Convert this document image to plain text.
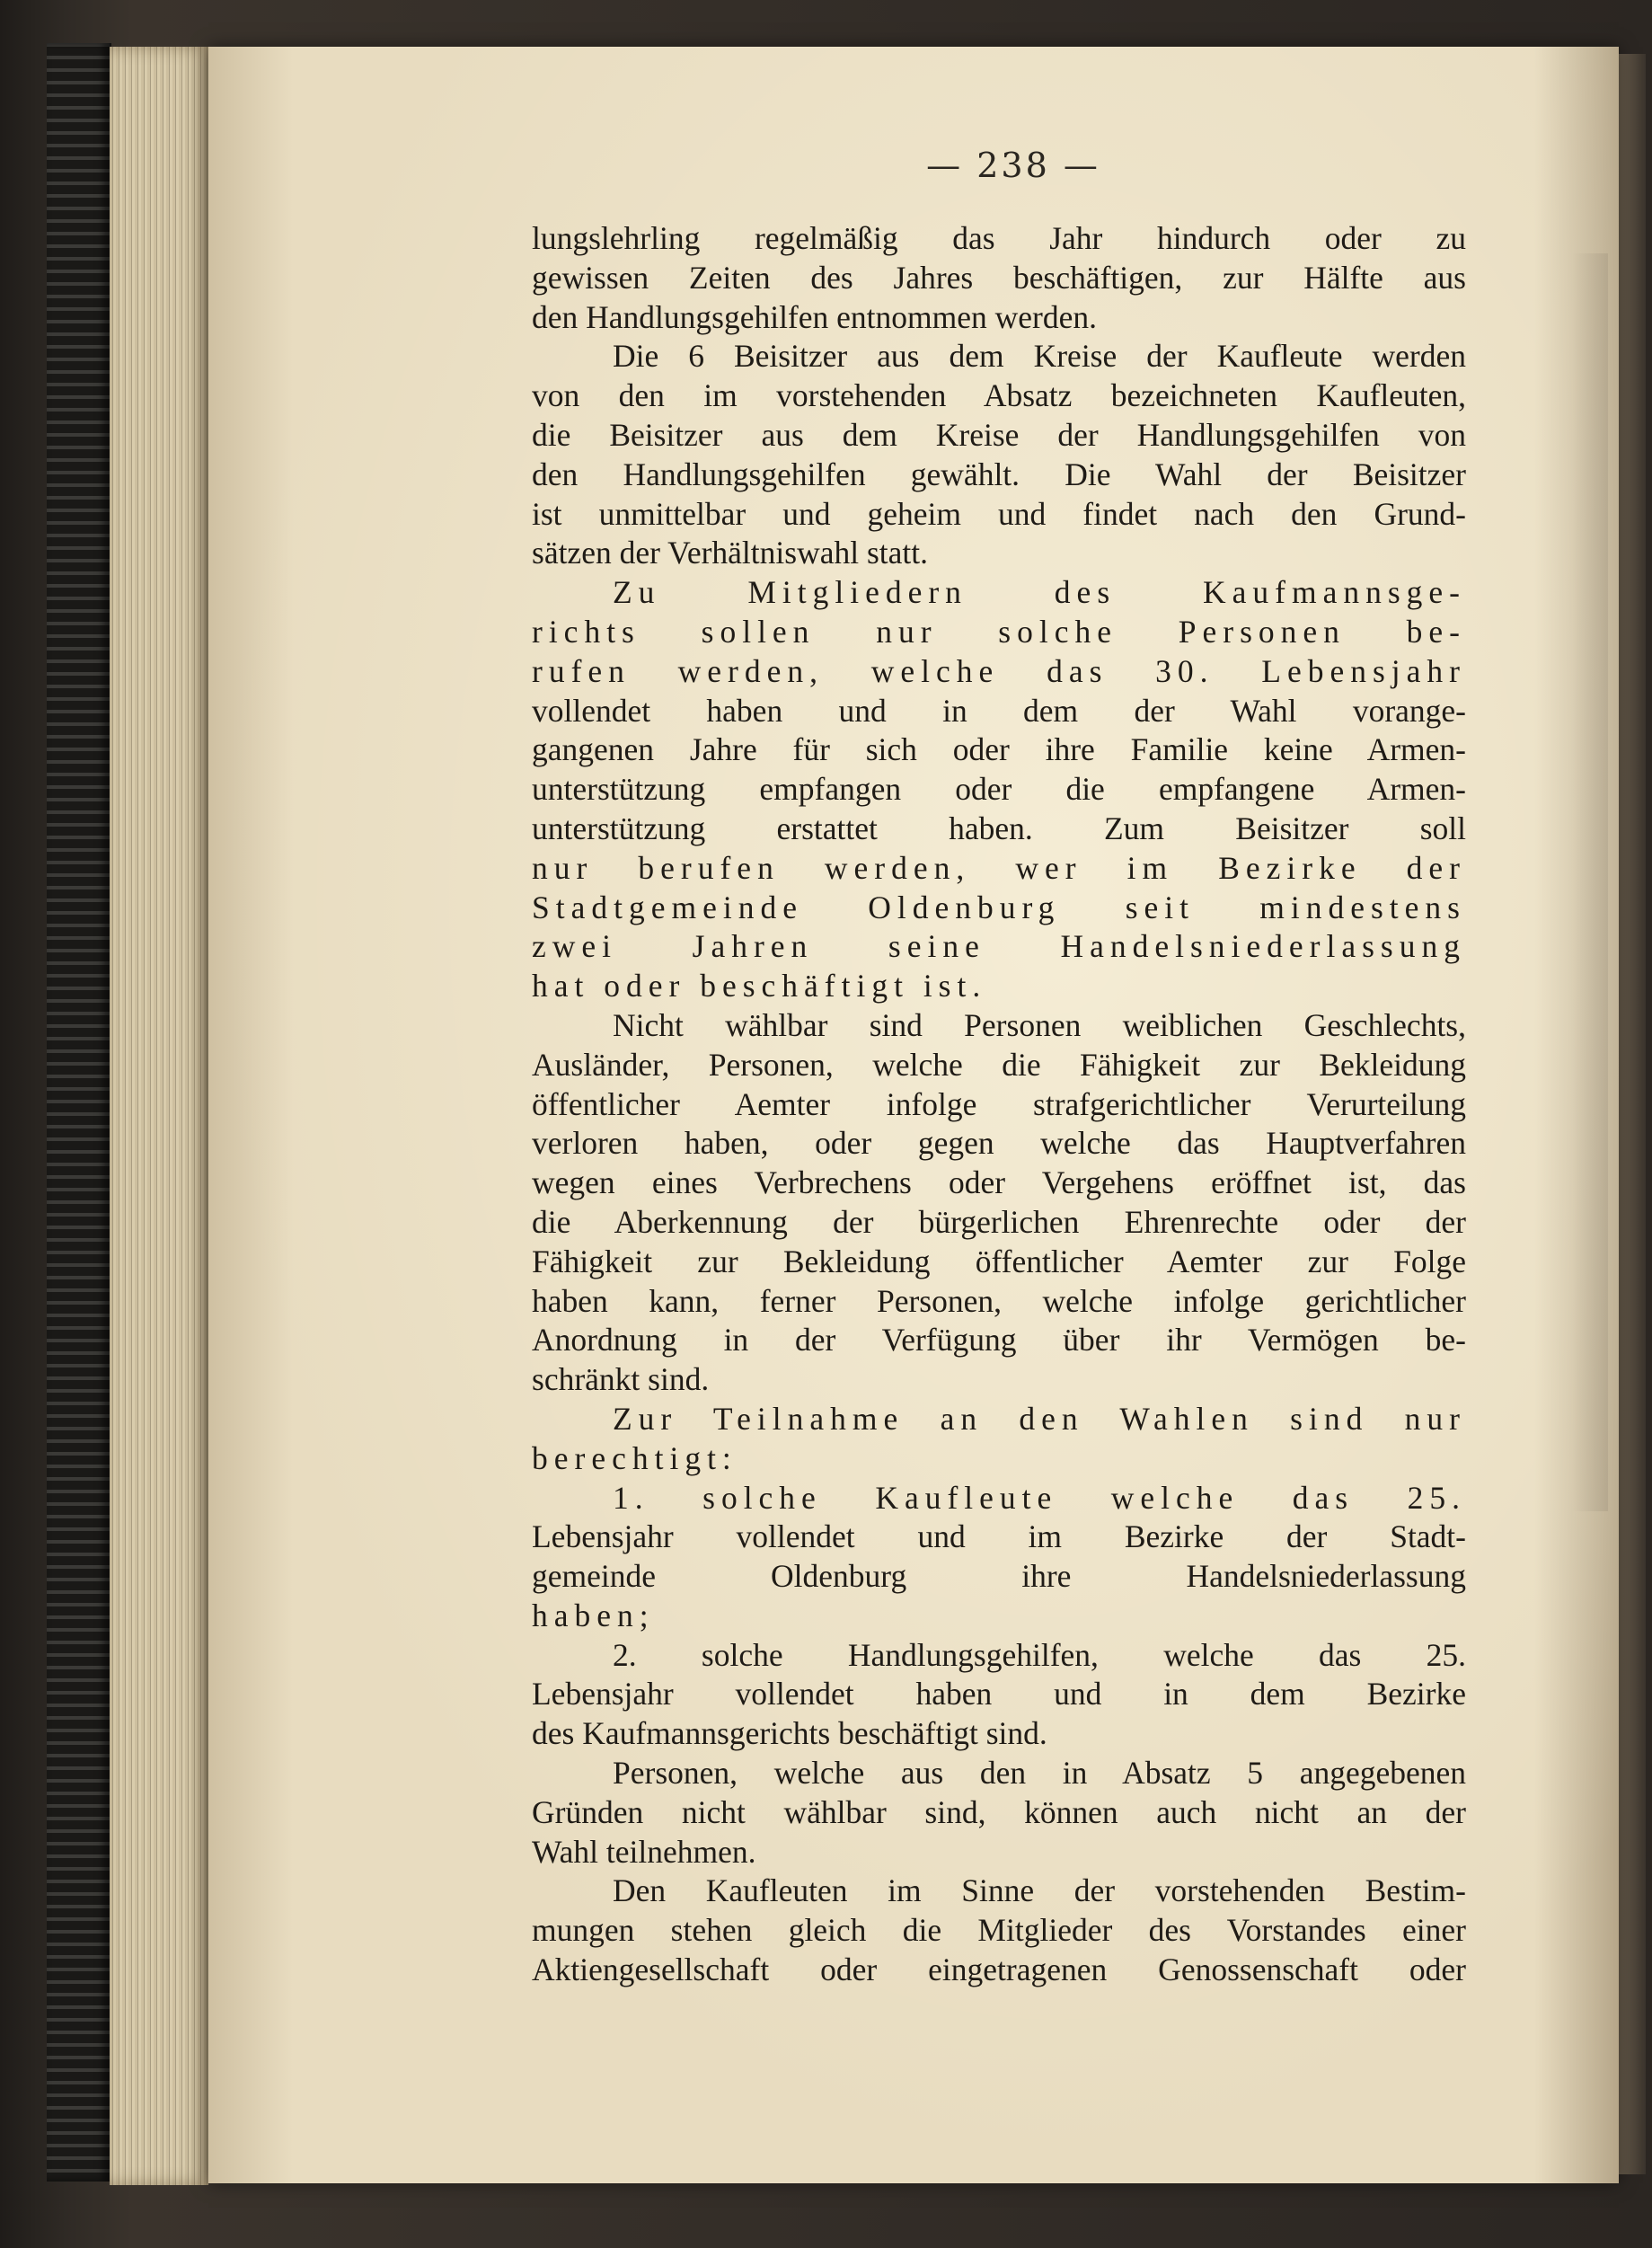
— 238 —
lungslehrling regelmäßig das Jahr hindurch oder zu
gewissen Zeiten des Jahres beschäftigen, zur Hälfte aus
den Handlungsgehilfen entnommen werden.
Die 6 Beisitzer aus dem Kreise der Kaufleute werden
von den im vorstehenden Absatz bezeichneten Kaufleuten,
die Beisitzer aus dem Kreise der Handlungsgehilfen von
den Handlungsgehilfen gewählt. Die Wahl der Beisitzer
ist unmittelbar und geheim und findet nach den Grund-
sätzen der Verhältniswahl statt.
Zu Mitgliedern des Kaufmannsge-
richts sollen nur solche Personen be-
rufen werden, welche das 30. Lebensjahr
vollendet haben und in dem der Wahl vorange-
gangenen Jahre für sich oder ihre Familie keine Armen-
unterstützung empfangen oder die empfangene Armen-
unterstützung erstattet haben. Zum Beisitzer soll
nur berufen werden, wer im Bezirke der
Stadtgemeinde Oldenburg seit mindestens
zwei Jahren seine Handelsniederlassung
hat oder beschäftigt ist.
Nicht wählbar sind Personen weiblichen Geschlechts,
Ausländer, Personen, welche die Fähigkeit zur Bekleidung
öffentlicher Aemter infolge strafgerichtlicher Verurteilung
verloren haben, oder gegen welche das Hauptverfahren
wegen eines Verbrechens oder Vergehens eröffnet ist, das
die Aberkennung der bürgerlichen Ehrenrechte oder der
Fähigkeit zur Bekleidung öffentlicher Aemter zur Folge
haben kann, ferner Personen, welche infolge gerichtlicher
Anordnung in der Verfügung über ihr Vermögen be-
schränkt sind.
Zur Teilnahme an den Wahlen sind nur
berechtigt:
1. solche Kaufleute welche das 25.
Lebensjahr vollendet und im Bezirke der Stadt-
gemeinde Oldenburg ihre Handelsniederlassung
haben;
2. solche Handlungsgehilfen, welche das 25.
Lebensjahr vollendet haben und in dem Bezirke
des Kaufmannsgerichts beschäftigt sind.
Personen, welche aus den in Absatz 5 angegebenen
Gründen nicht wählbar sind, können auch nicht an der
Wahl teilnehmen.
Den Kaufleuten im Sinne der vorstehenden Bestim-
mungen stehen gleich die Mitglieder des Vorstandes einer
Aktiengesellschaft oder eingetragenen Genossenschaft oder
